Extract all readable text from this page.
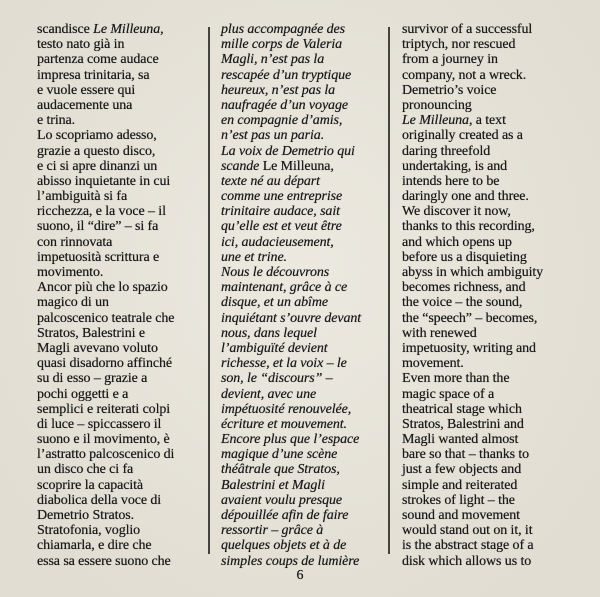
scandisce Le Milleuna,
testo nato già in
partenza come audace
impresa trinitaria, sa
e vuole essere qui
audacemente una
e trina.
Lo scopriamo adesso,
grazie a questo disco,
e ci si apre dinanzi un
abisso inquietante in cui
l’ambiguità si fa
ricchezza, e la voce – il
suono, il “dire” – si fa
con rinnovata
impetuosità scrittura e
movimento.
Ancor più che lo spazio
magico di un
palcoscenico teatrale che
Stratos, Balestrini e
Magli avevano voluto
quasi disadorno affinché
su di esso – grazie a
pochi oggetti e a
semplici e reiterati colpi
di luce – spiccassero il
suono e il movimento, è
l’astratto palcoscenico di
un disco che ci fa
scoprire la capacità
diabolica della voce di
Demetrio Stratos.
Stratofonia, voglio
chiamarla, e dire che
essa sa essere suono che
plus accompagnée des
mille corps de Valeria
Magli, n’est pas la
rescapée d’un tryptique
heureux, n’est pas la
naufragée d’un voyage
en compagnie d’amis,
n’est pas un paria.
La voix de Demetrio qui
scande Le Milleuna,
texte né au départ
comme une entreprise
trinitaire audace, sait
qu’elle est et veut être
ici, audacieusement,
une et trine.
Nous le découvrons
maintenant, grâce à ce
disque, et un abîme
inquiétant s’ouvre devant
nous, dans lequel
l’ambiguïté devient
richesse, et la voix – le
son, le “discours” –
devient, avec une
impétuosité renouvelée,
écriture et mouvement.
Encore plus que l’espace
magique d’une scène
théâtrale que Stratos,
Balestrini et Magli
avaient voulu presque
dépouillée afin de faire
ressortir – grâce à
quelques objets et à de
simples coups de lumière
survivor of a successful
triptych, nor rescued
from a journey in
company, not a wreck.
Demetrio’s voice
pronouncing
Le Milleuna, a text
originally created as a
daring threefold
undertaking, is and
intends here to be
daringly one and three.
We discover it now,
thanks to this recording,
and which opens up
before us a disquieting
abyss in which ambiguity
becomes richness, and
the voice – the sound,
the “speech” – becomes,
with renewed
impetuosity, writing and
movement.
Even more than the
magic space of a
theatrical stage which
Stratos, Balestrini and
Magli wanted almost
bare so that – thanks to
just a few objects and
simple and reiterated
strokes of light – the
sound and movement
would stand out on it, it
is the abstract stage of a
disk which allows us to
6
